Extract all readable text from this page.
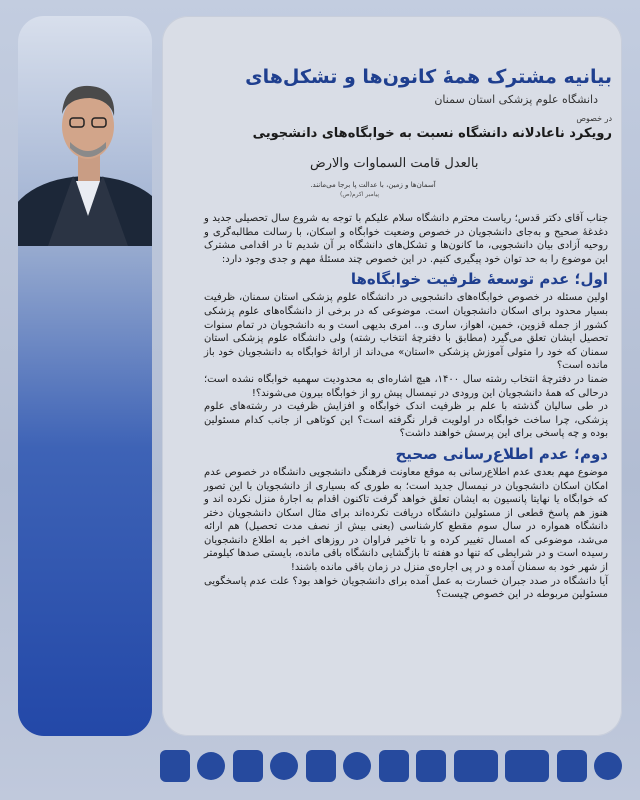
بیانیه مشترک همهٔ کانون‌ها و تشکل‌های
دانشگاه علوم پزشکی استان سمنان
در خصوص
رویکرد ناعادلانه دانشگاه نسبت به خوابگاه‌های دانشجویی
بالعدل قامت السماوات والارض
آسمان‌ها و زمین، با عدالت پا برجا می‌مانند.
پیامبر اکرم(ص)

جناب آقای دکتر قدس؛ ریاست محترم دانشگاه سلام علیکم با توجه به شروع سال تحصیلی جدید و دغدغهٔ صحیح و به‌جای دانشجویان در خصوص وضعیت خوابگاه و اسکان، با رسالت مطالبه‌گری و روحیه آزادی بیان دانشجویی، ما کانون‌ها و تشکل‌های دانشگاه بر آن شدیم تا در اقدامی مشترک این موضوع را به حد توان خود پیگیری کنیم. در این خصوص چند مسئلهٔ مهم و جدی وجود دارد:

اول؛ عدم توسعهٔ ظرفیت خوابگاه‌ها

اولین مسئله در خصوص خوابگاه‌های دانشجویی در دانشگاه علوم پزشکی استان سمنان، ظرفیت بسیار محدود برای اسکان دانشجویان است. موضوعی که در برخی از دانشگاه‌های علوم پزشکی کشور از جمله قزوین، خمین، اهواز، ساری و... امری بدیهی است و به دانشجویان در تمام سنوات تحصیل ایشان تعلق می‌گیرد (مطابق با دفترچهٔ انتخاب رشته) ولی دانشگاه علوم پزشکی استان سمنان که خود را متولی آموزش پزشکی «استان» می‌داند از ارائهٔ خوابگاه به دانشجویان خود باز مانده است؟

ضمنا در دفترچهٔ انتخاب رشته سال ۱۴۰۰، هیچ اشاره‌ای به محدودیت سهمیه خوابگاه نشده است؛ درحالی که همهٔ دانشجویان این ورودی در نیمسال پیش رو از خوابگاه بیرون می‌شوند؟!

در طی سالیان گذشته با علم بر ظرفیت اندک خوابگاه و افزایش ظرفیت در رشته‌های علوم پزشکی، چرا ساخت خوابگاه در اولویت قرار نگرفته است؟ این کوتاهی از جانب کدام مسئولین بوده و چه پاسخی برای این پرسش خواهند داشت؟

دوم؛ عدم اطلاع‌رسانی صحیح

موضوع مهم بعدی عدم اطلاع‌رسانی به موقع معاونت فرهنگی دانشجویی دانشگاه در خصوص عدم امکان اسکان دانشجویان در نیمسال جدید است؛ به طوری که بسیاری از دانشجویان با این تصور که خوابگاه یا نهایتا پانسیون به ایشان تعلق خواهد گرفت تاکنون اقدام به اجارهٔ منزل نکرده اند و هنوز هم پاسخ قطعی از مسئولین دانشگاه دریافت نکرده‌اند برای مثال اسکان دانشجویان دختر دانشگاه همواره در سال سوم مقطع کارشناسی (یعنی بیش از نصف مدت تحصیل) هم ارائه می‌شد، موضوعی که امسال تغییر کرده و با تاخیر فراوان در روزهای اخیر به اطلاع دانشجویان رسیده است و در شرایطی که تنها دو هفته تا بازگشایی دانشگاه باقی مانده، بایستی صدها کیلومتر از شهر خود به سمنان آمده و در پی اجاره‌ی منزل در زمان باقی مانده باشند!

آیا دانشگاه در صدد جبران خسارت به عمل آمده برای دانشجویان خواهد بود؟ علت عدم پاسخگویی مسئولین مربوطه در این خصوص چیست؟
